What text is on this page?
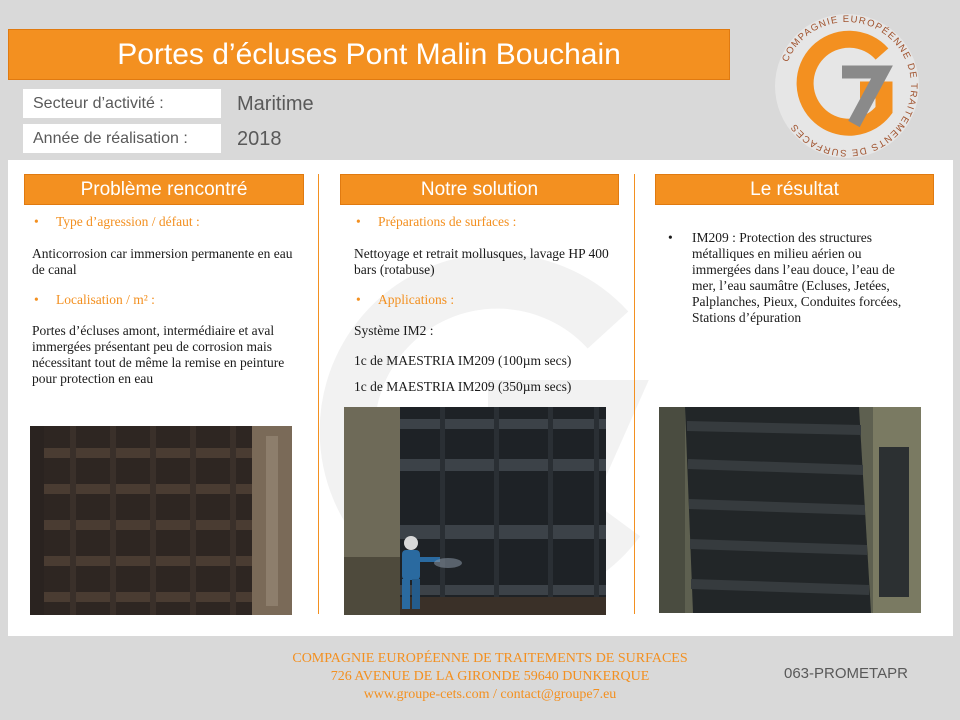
Portes d’écluses Pont Malin Bouchain
Secteur d’activité :	Maritime
Année de réalisation :	2018
COMPAGNIE EUROPÉENNE DE TRAITEMENTS DE SURFACES
Problème rencontré
•	Type d’agression / défaut :

Anticorrosion car immersion permanente en eau de canal

•	Localisation / m² :

Portes d’écluses amont, intermédiaire et aval immergées présentant peu de corrosion mais nécessitant tout de même la remise en peinture pour protection en eau

Notre solution
•	Préparations de surfaces :

Nettoyage et retrait mollusques, lavage HP 400 bars (rotabuse)

•	Applications :

Système IM2 :

1c de MAESTRIA IM209 (100µm secs)

1c de MAESTRIA IM209 (350µm secs)

Le résultat
•	IM209 : Protection des structures métalliques en milieu aérien ou immergées dans l’eau douce, l’eau de mer, l’eau saumâtre (Ecluses, Jetées, Palplanches, Pieux, Conduites forcées, Stations d’épuration

COMPAGNIE EUROPÉENNE DE TRAITEMENTS DE SURFACES
726 AVENUE DE LA GIRONDE 59640 DUNKERQUE
www.groupe-cets.com / contact@groupe7.eu
063-PROMETAPR
